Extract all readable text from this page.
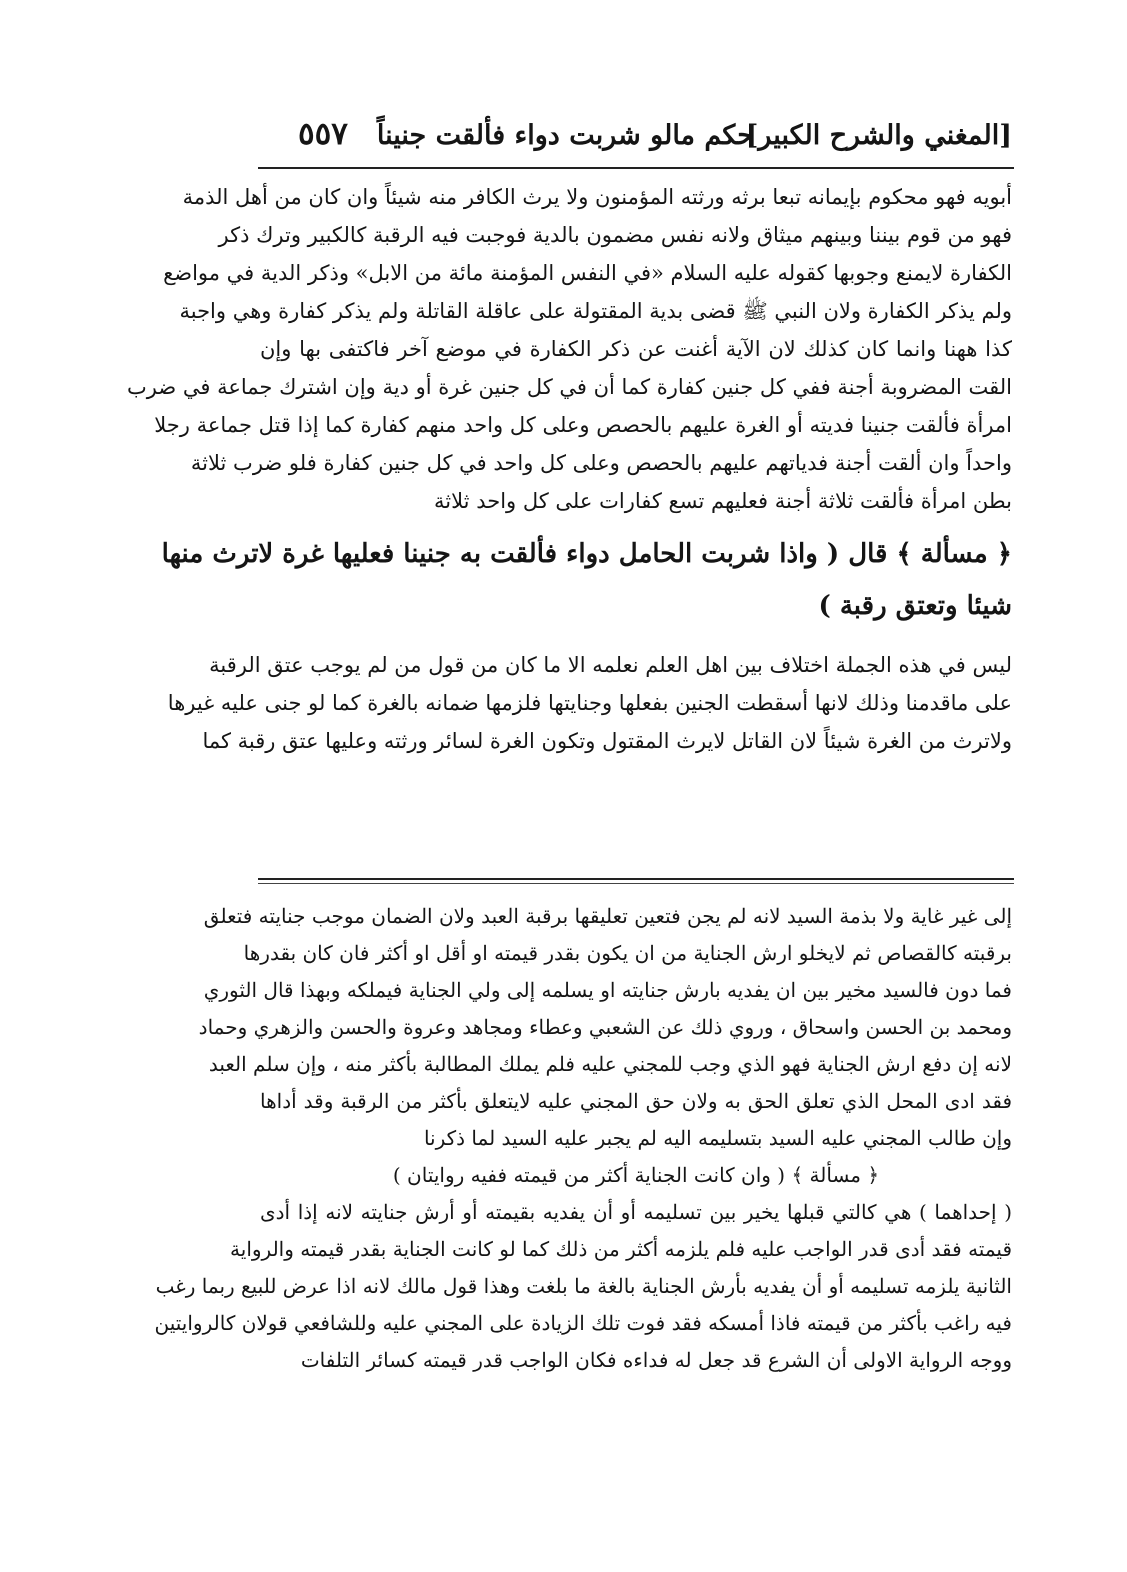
[المغني والشرح الكبير]
حكم مالو شربت دواء فألقت جنيناً
٥٥٧
أبويه فهو محكوم بإيمانه تبعا برثه ورثته المؤمنون ولا يرث الكافر منه شيئاً وان كان من أهل الذمة
فهو من قوم بيننا وبينهم ميثاق ولانه نفس مضمون بالدية فوجبت فيه الرقبة كالكبير وترك ذكر
الكفارة لايمنع وجوبها كقوله عليه السلام «في النفس المؤمنة مائة من الابل» وذكر الدية في مواضع
ولم يذكر الكفارة ولان النبي ﷺ قضى بدية المقتولة على عاقلة القاتلة ولم يذكر كفارة وهي واجبة
كذا ههنا وانما كان كذلك لان الآية أغنت عن ذكر الكفارة في موضع آخر فاكتفى بها وإن
القت المضروبة أجنة ففي كل جنين كفارة كما أن في كل جنين غرة أو دية وإن اشترك جماعة في ضرب
امرأة فألقت جنينا فديته أو الغرة عليهم بالحصص وعلى كل واحد منهم كفارة كما إذا قتل جماعة رجلا
واحداً وان ألقت أجنة فدياتهم عليهم بالحصص وعلى كل واحد في كل جنين كفارة فلو ضرب ثلاثة
بطن امرأة فألقت ثلاثة أجنة فعليهم تسع كفارات على كل واحد ثلاثة
﴿ مسألة ﴾ قال ( واذا شربت الحامل دواء فألقت به جنينا فعليها غرة لاترث منها
شيئا وتعتق رقبة )
ليس في هذه الجملة اختلاف بين اهل العلم نعلمه الا ما كان من قول من لم يوجب عتق الرقبة
على ماقدمنا وذلك لانها أسقطت الجنين بفعلها وجنايتها فلزمها ضمانه بالغرة كما لو جنى عليه غيرها
ولاترث من الغرة شيئاً لان القاتل لايرث المقتول وتكون الغرة لسائر ورثته وعليها عتق رقبة كما
إلى غير غاية ولا بذمة السيد لانه لم يجن فتعين تعليقها برقبة العبد ولان الضمان موجب جنايته فتعلق
برقبته كالقصاص ثم لايخلو ارش الجناية من ان يكون بقدر قيمته او أقل او أكثر فان كان بقدرها
فما دون فالسيد مخير بين ان يفديه بارش جنايته او يسلمه إلى ولي الجناية فيملكه وبهذا قال الثوري
ومحمد بن الحسن واسحاق ، وروي ذلك عن الشعبي وعطاء ومجاهد وعروة والحسن والزهري وحماد
لانه إن دفع ارش الجناية فهو الذي وجب للمجني عليه فلم يملك المطالبة بأكثر منه ، وإن سلم العبد
فقد ادى المحل الذي تعلق الحق به ولان حق المجني عليه لايتعلق بأكثر من الرقبة وقد أداها
وإن طالب المجني عليه السيد بتسليمه اليه لم يجبر عليه السيد لما ذكرنا
﴿ مسألة ﴾ ( وان كانت الجناية أكثر من قيمته ففيه روايتان )
( إحداهما ) هي كالتي قبلها يخير بين تسليمه أو أن يفديه بقيمته أو أرش جنايته لانه إذا أدى
قيمته فقد أدى قدر الواجب عليه فلم يلزمه أكثر من ذلك كما لو كانت الجناية بقدر قيمته والرواية
الثانية يلزمه تسليمه أو أن يفديه بأرش الجناية بالغة ما بلغت وهذا قول مالك لانه اذا عرض للبيع ربما رغب
فيه راغب بأكثر من قيمته فاذا أمسكه فقد فوت تلك الزيادة على المجني عليه وللشافعي قولان كالروايتين
ووجه الرواية الاولى أن الشرع قد جعل له فداءه فكان الواجب قدر قيمته كسائر التلفات
